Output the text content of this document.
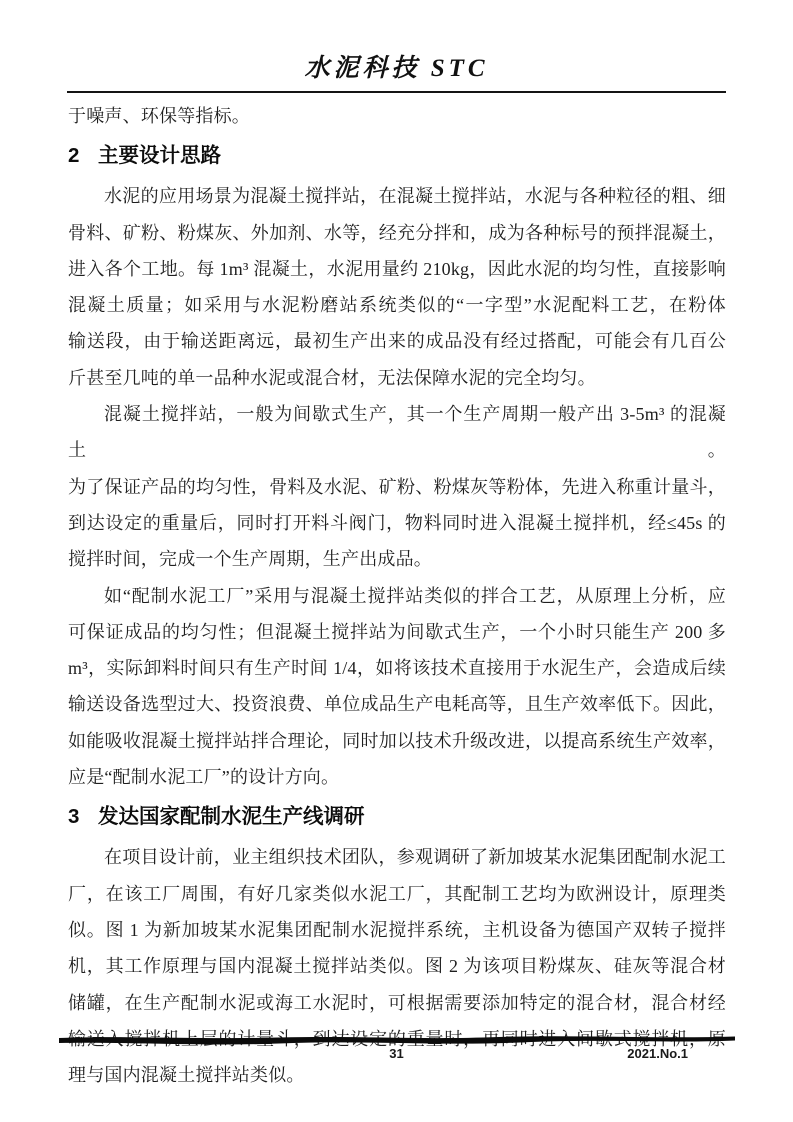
水泥科技 STC
于噪声、环保等指标。
2 主要设计思路
水泥的应用场景为混凝土搅拌站，在混凝土搅拌站，水泥与各种粒径的粗、细
骨料、矿粉、粉煤灰、外加剂、水等，经充分拌和，成为各种标号的预拌混凝土，
进入各个工地。每 1m³ 混凝土，水泥用量约 210kg，因此水泥的均匀性，直接影响
混凝土质量；如采用与水泥粉磨站系统类似的“一字型”水泥配料工艺，在粉体
输送段，由于输送距离远，最初生产出来的成品没有经过搭配，可能会有几百公
斤甚至几吨的单一品种水泥或混合材，无法保障水泥的完全均匀。
混凝土搅拌站，一般为间歇式生产，其一个生产周期一般产出 3-5m³ 的混凝土。
为了保证产品的均匀性，骨料及水泥、矿粉、粉煤灰等粉体，先进入称重计量斗，
到达设定的重量后，同时打开料斗阀门，物料同时进入混凝土搅拌机，经≤45s 的
搅拌时间，完成一个生产周期，生产出成品。
如“配制水泥工厂”采用与混凝土搅拌站类似的拌合工艺，从原理上分析，应
可保证成品的均匀性；但混凝土搅拌站为间歇式生产，一个小时只能生产 200 多
m³，实际卸料时间只有生产时间 1/4，如将该技术直接用于水泥生产，会造成后续
输送设备选型过大、投资浪费、单位成品生产电耗高等，且生产效率低下。因此，
如能吸收混凝土搅拌站拌合理论，同时加以技术升级改进，以提高系统生产效率，
应是“配制水泥工厂”的设计方向。
3 发达国家配制水泥生产线调研
在项目设计前，业主组织技术团队，参观调研了新加坡某水泥集团配制水泥工
厂，在该工厂周围，有好几家类似水泥工厂，其配制工艺均为欧洲设计，原理类
似。图 1 为新加坡某水泥集团配制水泥搅拌系统，主机设备为德国产双转子搅拌
机，其工作原理与国内混凝土搅拌站类似。图 2 为该项目粉煤灰、硅灰等混合材
储罐，在生产配制水泥或海工水泥时，可根据需要添加特定的混合材，混合材经
理与国内混凝土搅拌站类似。
31	2021.No.1
